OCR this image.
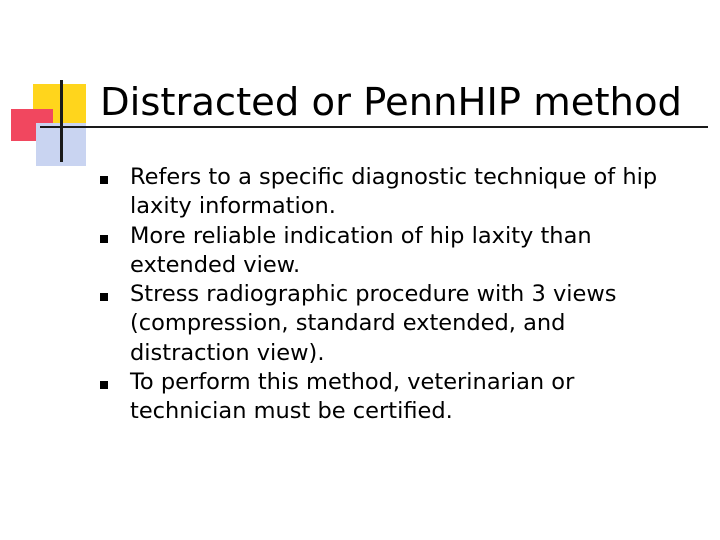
Distracted or PennHIP method
Refers to a specific diagnostic technique of hip laxity information.
More reliable indication of hip laxity than extended view.
Stress radiographic procedure with 3 views (compression, standard extended, and distraction view).
To perform this method, veterinarian or technician must be certified.
